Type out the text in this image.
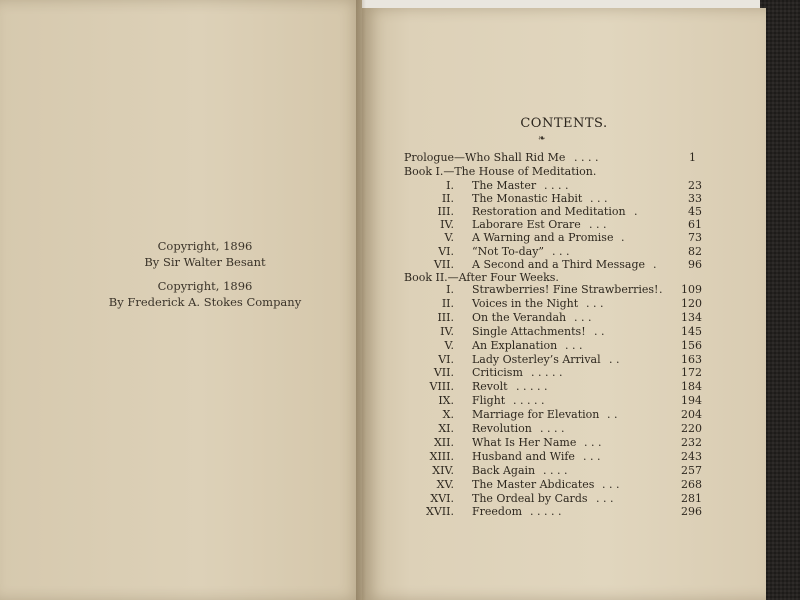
Copyright, 1896
By Sir Walter Besant
Copyright, 1896
By Frederick A. Stokes Company
CONTENTS.
❧
Prologue—Who Shall Rid Me . . . .	1
Book I.—The House of Meditation.
I. The Master . . . .	23
II. The Monastic Habit . . .	33
III. Restoration and Meditation .	45
IV. Laborare Est Orare . . .	61
V. A Warning and a Promise .	73
VI. “Not To-day” . . .	82
VII. A Second and a Third Message .	96
Book II.—After Four Weeks.
I. Strawberries! Fine Strawberries! .	109
II. Voices in the Night . . .	120
III. On the Verandah . . .	134
IV. Single Attachments! . .	145
V. An Explanation . . .	156
VI. Lady Osterley’s Arrival . .	163
VII. Criticism . . . . .	172
VIII. Revolt . . . . .	184
IX. Flight . . . . .	194
X. Marriage for Elevation . .	204
XI. Revolution . . . .	220
XII. What Is Her Name . . .	232
XIII. Husband and Wife . . .	243
XIV. Back Again . . . .	257
XV. The Master Abdicates . . .	268
XVI. The Ordeal by Cards . . .	281
XVII. Freedom . . . . .	296
